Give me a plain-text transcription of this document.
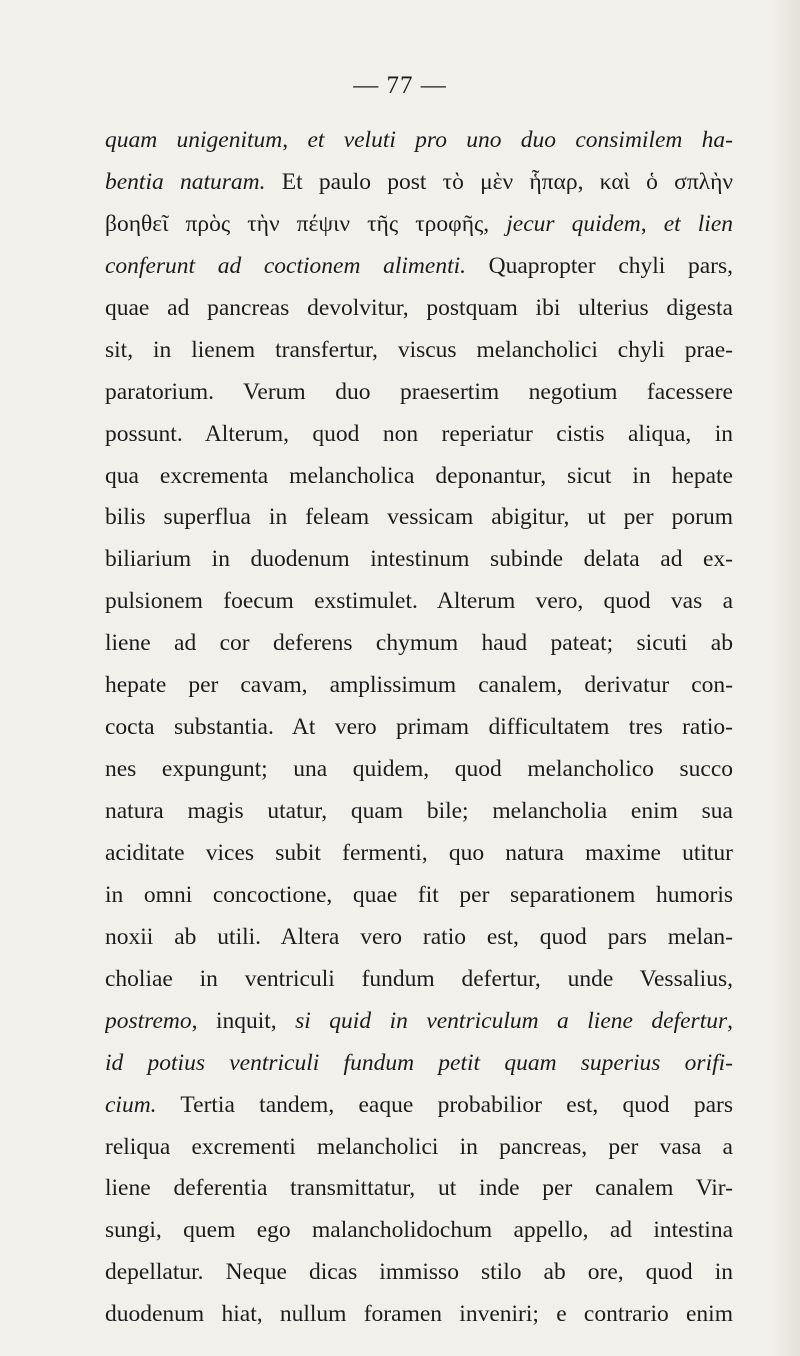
— 77 —
quam unigenitum, et veluti pro uno duo consimilem ha-
bentia naturam. Et paulo post τὸ μὲν ἧπαρ, καὶ ὁ σπλὴν
βοηθεῖ πρὸς τὴν πέψιν τῆς τροφῆς, jecur quidem, et lien
conferunt ad coctionem alimenti. Quapropter chyli pars,
quae ad pancreas devolvitur, postquam ibi ulterius digesta
sit, in lienem transfertur, viscus melancholici chyli prae-
paratorium. Verum duo praesertim negotium facessere
possunt. Alterum, quod non reperiatur cistis aliqua, in
qua excrementa melancholica deponantur, sicut in hepate
bilis superflua in feleam vessicam abigitur, ut per porum
biliarium in duodenum intestinum subinde delata ad ex-
pulsionem foecum exstimulet. Alterum vero, quod vas a
liene ad cor deferens chymum haud pateat; sicuti ab
hepate per cavam, amplissimum canalem, derivatur con-
cocta substantia. At vero primam difficultatem tres ratio-
nes expungunt; una quidem, quod melancholico succo
natura magis utatur, quam bile; melancholia enim sua
aciditate vices subit fermenti, quo natura maxime utitur
in omni concoctione, quae fit per separationem humoris
noxii ab utili. Altera vero ratio est, quod pars melan-
choliae in ventriculi fundum defertur, unde Vessalius,
postremo, inquit, si quid in ventriculum a liene defertur,
id potius ventriculi fundum petit quam superius orifi-
cium. Tertia tandem, eaque probabilior est, quod pars
reliqua excrementi melancholici in pancreas, per vasa a
liene deferentia transmittatur, ut inde per canalem Vir-
sungi, quem ego malancholidochum appello, ad intestina
depellatur. Neque dicas immisso stilo ab ore, quod in
duodenum hiat, nullum foramen inveniri; e contrario enim
